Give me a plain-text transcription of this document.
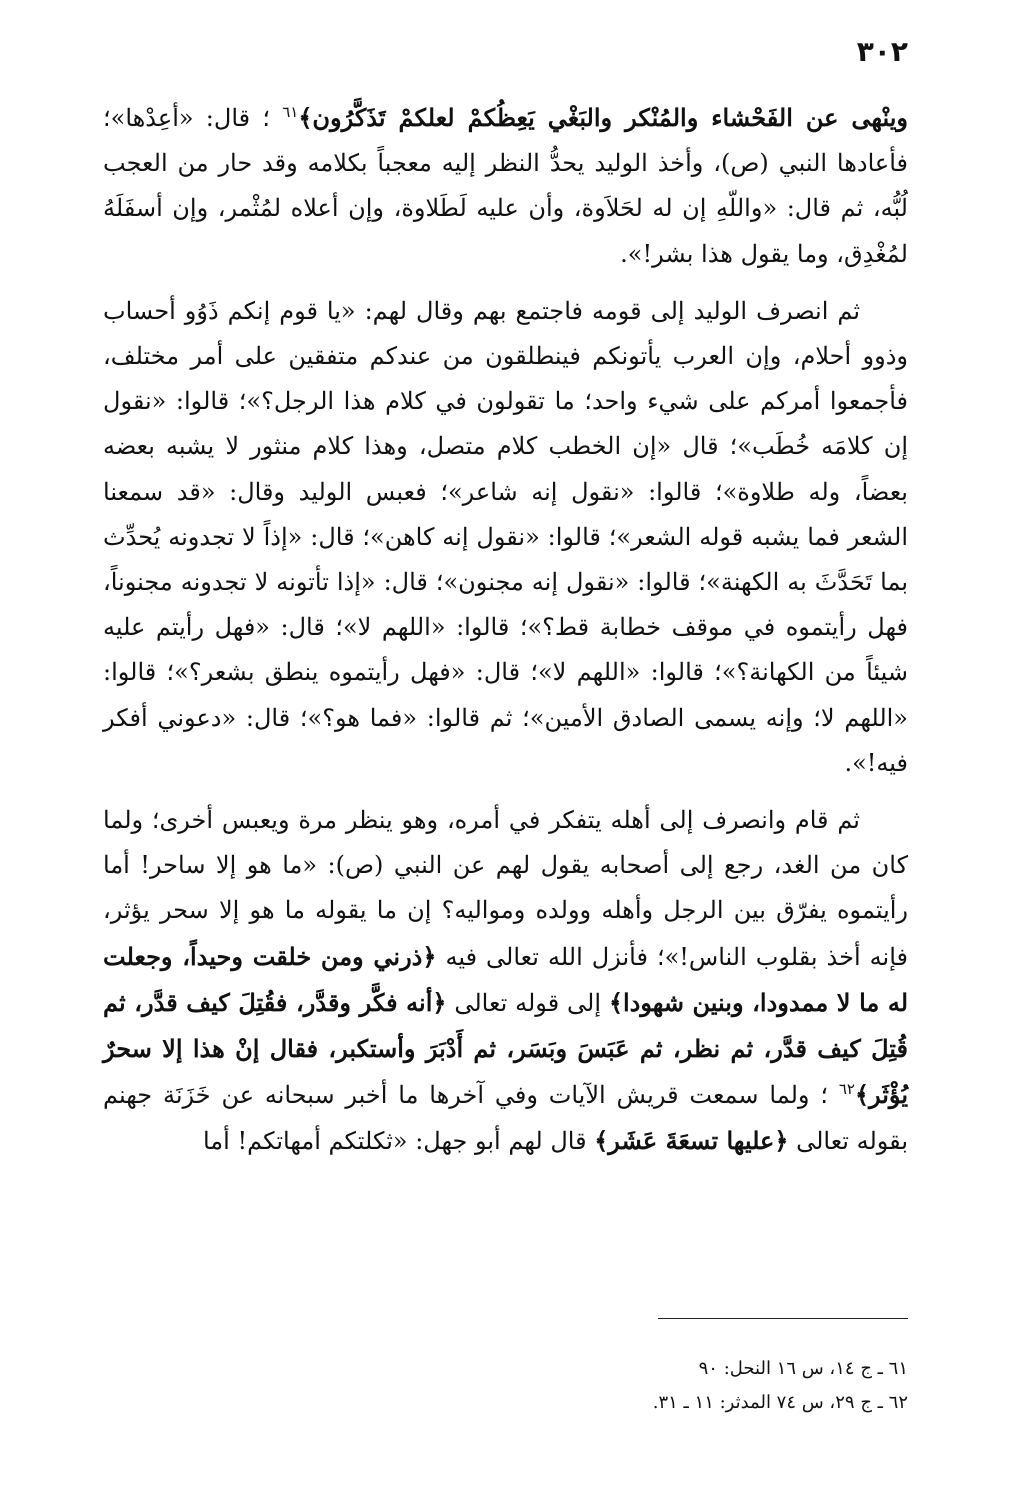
٣٠٢

وينْهى عن الفَحْشاء والمُنْكر والبَغْي يَعِظُكمْ لعلكمْ تَذَكَّرُون﴾$^{٦١}$ ؛ قال: «أعِدْها»؛ فأعادها النبي (ص)، وأخذ الوليد يحدُّ النظر إليه معجباً بكلامه وقد حار من العجب لُبُّه، ثم قال: «واللّهِ إن له لحَلاَوة، وأن عليه لَطَلاوة، وإن أعلاه لمُثْمر، وإن أسفَلَهُ لمُغْدِق، وما يقول هذا بشر!».

ثم انصرف الوليد إلى قومه فاجتمع بهم وقال لهم: «يا قوم إنكم ذَوُو أحساب وذوو أحلام، وإن العرب يأتونكم فينطلقون من عندكم متفقين على أمر مختلف، فأجمعوا أمركم على شيء واحد؛ ما تقولون في كلام هذا الرجل؟»؛ قالوا: «نقول إن كلامَه خُطَب»؛ قال «إن الخطب كلام متصل، وهذا كلام منثور لا يشبه بعضه بعضاً، وله طلاوة»؛ قالوا: «نقول إنه شاعر»؛ فعبس الوليد وقال: «قد سمعنا الشعر فما يشبه قوله الشعر»؛ قالوا: «نقول إنه كاهن»؛ قال: «إذاً لا تجدونه يُحدِّث بما تَحَدَّثَ به الكهنة»؛ قالوا: «نقول إنه مجنون»؛ قال: «إذا تأتونه لا تجدونه مجنوناً، فهل رأيتموه في موقف خطابة قط؟»؛ قالوا: «اللهم لا»؛ قال: «فهل رأيتم عليه شيئاً من الكهانة؟»؛ قالوا: «اللهم لا»؛ قال: «فهل رأيتموه ينطق بشعر؟»؛ قالوا: «اللهم لا؛ وإنه يسمى الصادق الأمين»؛ ثم قالوا: «فما هو؟»؛ قال: «دعوني أفكر فيه!».

ثم قام وانصرف إلى أهله يتفكر في أمره، وهو ينظر مرة ويعبس أخرى؛ ولما كان من الغد، رجع إلى أصحابه يقول لهم عن النبي (ص): «ما هو إلا ساحر! أما رأيتموه يفرّق بين الرجل وأهله وولده ومواليه؟ إن ما يقوله ما هو إلا سحر يؤثر، فإنه أخذ بقلوب الناس!»؛ فأنزل الله تعالى فيه ﴿ذرني ومن خلقت وحيداً، وجعلت له ما لا ممدودا، وبنين شهودا﴾ إلى قوله تعالى ﴿أنه فكَّر وقدَّر، فقُتِلَ كيف قدَّر، ثم قُتِلَ كيف قدَّر، ثم نظر، ثم عَبَسَ وبَسَر، ثم أَدْبَرَ وأستكبر، فقال إنْ هذا إلا سحرٌ يُؤْثَر﴾$^{٦٢}$ ؛ ولما سمعت قريش الآيات وفي آخرها ما أخبر سبحانه عن خَزَنَة جهنم بقوله تعالى ﴿عليها تسعَةَ عَشَر﴾ قال لهم أبو جهل: «ثكلتكم أمهاتكم! أما

٦١ ـ ج ١٤، س ١٦ النحل: ٩٠
٦٢ ـ ج ٢٩، س ٧٤ المدثر: ١١ ـ ٣١.
